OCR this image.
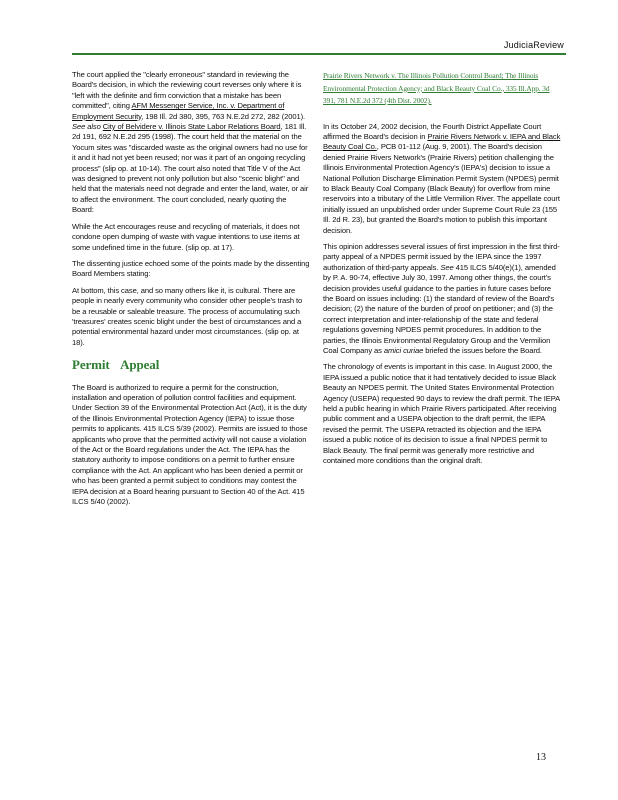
JudiciaReview

The court applied the "clearly erroneous" standard in reviewing the Board's decision, in which the reviewing court reverses only where it is "left with the definite and firm conviction that a mistake has been committed", citing AFM Messenger Service, Inc. v. Department of Employment Security, 198 Ill. 2d 380, 395, 763 N.E.2d 272, 282 (2001). See also City of Belvidere v. Illinois State Labor Relations Board, 181 Ill. 2d 191, 692 N.E.2d 295 (1998). The court held that the material on the Yocum sites was "discarded waste as the original owners had no use for it and it had not yet been reused; nor was it part of an ongoing recycling process" (slip op. at 10-14). The court also noted that Title V of the Act was designed to prevent not only pollution but also "scenic blight" and held that the materials need not degrade and enter the land, water, or air to affect the environment. The court concluded, nearly quoting the Board:

While the Act encourages reuse and recycling of materials, it does not condone open dumping of waste with vague intentions to use items at some undefined time in the future. (slip op. at 17).

The dissenting justice echoed some of the points made by the dissenting Board Members stating:

At bottom, this case, and so many others like it, is cultural. There are people in nearly every community who consider other people's trash to be a reusable or saleable treasure. The process of accumulating such 'treasures' creates scenic blight under the best of circumstances and a potential environmental hazard under most circumstances. (slip op. at 18).

Permit Appeal

The Board is authorized to require a permit for the construction, installation and operation of pollution control facilities and equipment. Under Section 39 of the Environmental Protection Act (Act), it is the duty of the Illinois Environmental Protection Agency (IEPA) to issue those permits to applicants. 415 ILCS 5/39 (2002). Permits are issued to those applicants who prove that the permitted activity will not cause a violation of the Act or the Board regulations under the Act. The IEPA has the statutory authority to impose conditions on a permit to further ensure compliance with the Act. An applicant who has been denied a permit or who has been granted a permit subject to conditions may contest the IEPA decision at a Board hearing pursuant to Section 40 of the Act. 415 ILCS 5/40 (2002).

Prairie Rivers Network v. The Illinois Pollution Control Board; The Illinois Environmental Protection Agency; and Black Beauty Coal Co., 335 Ill.App. 3d 391, 781 N.E.2d 372 (4th Dist. 2002).

In its October 24, 2002 decision, the Fourth District Appellate Court affirmed the Board's decision in Prairie Rivers Network v. IEPA and Black Beauty Coal Co., PCB 01-112 (Aug. 9, 2001). The Board's decision denied Prairie Rivers Network's (Prairie Rivers) petition challenging the Illinois Environmental Protection Agency's (IEPA's) decision to issue a National Pollution Discharge Elimination Permit System (NPDES) permit to Black Beauty Coal Company (Black Beauty) for overflow from mine reservoirs into a tributary of the Little Vermilion River. The appellate court initially issued an unpublished order under Supreme Court Rule 23 (155 Ill. 2d R. 23), but granted the Board's motion to publish this important decision.

This opinion addresses several issues of first impression in the first third-party appeal of a NPDES permit issued by the IEPA since the 1997 authorization of third-party appeals. See 415 ILCS 5/40(e)(1), amended by P. A. 90-74, effective July 30, 1997. Among other things, the court's decision provides useful guidance to the parties in future cases before the Board on issues including: (1) the standard of review of the Board's decision; (2) the nature of the burden of proof on petitioner; and (3) the correct interpretation and inter-relationship of the state and federal regulations governing NPDES permit procedures. In addition to the parties, the Illinois Environmental Regulatory Group and the Vermilion Coal Company as amici curiae briefed the issues before the Board.

The chronology of events is important in this case. In August 2000, the IEPA issued a public notice that it had tentatively decided to issue Black Beauty an NPDES permit. The United States Environmental Protection Agency (USEPA) requested 90 days to review the draft permit. The IEPA held a public hearing in which Prairie Rivers participated. After receiving public comment and a USEPA objection to the draft permit, the IEPA revised the permit. The USEPA retracted its objection and the IEPA issued a public notice of its decision to issue a final NPDES permit to Black Beauty. The final permit was generally more restrictive and contained more conditions than the original draft.

13
